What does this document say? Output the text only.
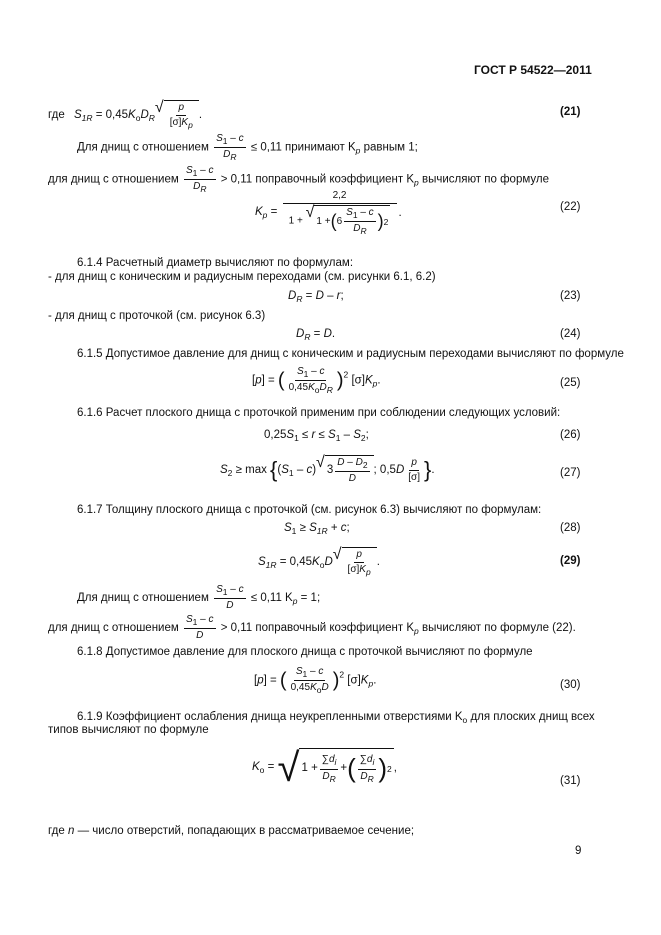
ГОСТ Р 54522—2011
где $S_{1R} = 0,45K_oD_R$
√ $\frac{p}{[\sigma]K_p}$ .	(21)
Для днищ с отношением $\frac{S_1 - c}{D_R} \le 0,11$ принимают $K_p$ равным 1;
для днищ с отношением $\frac{S_1 - c}{D_R} > 0,11$ поправочный коэффициент $K_p$ вычисляют по формуле
$K_p = 2,2$
1 + √
1 + ( $6 \frac{S_1 - c}{D_R}$ ) 2 .
(22)
6.1.4 Расчетный диаметр вычисляют по формулам:
- для днищ с коническим и радиусным переходами (см. рисунки 6.1, 6.2)
$D_R = D - r$;	(23)
- для днищ с проточкой (см. рисунок 6.3)
$D_R = D$.	(24)
6.1.5 Допустимое давление для днищ с коническим и радиусным переходами вычисляют по формуле
[p] = ( $\frac{S_1 - c}{0,45K_oD_R} )^2$ $[\sigma]K_p$.	(25)
6.1.6 Расчет плоского днища с проточкой применим при соблюдении следующих условий:
$0,25S_1 \le r \le S_1 - S_2$;	(26)
$S_2 \ge \max \{(S_1 - c)$ √ $3 \frac{D - D_2}{D}$ ; $0,5D \frac{p}{[\sigma]}$ }.	(27)
6.1.7 Толщину плоского днища с проточкой (см. рисунок 6.3) вычисляют по формулам:
$S_1 \ge S_{1R} + c$;	(28)
$S_{1R} = 0,45K_oD$ √ $\frac{p}{[\sigma]K_p}$ .	(29)
Для днищ с отношением $\frac{S_1 - c}{D} \le 0,11$ $K_p = 1$;
для днищ с отношением $\frac{S_1 - c}{D} > 0,11$ поправочный коэффициент $K_p$ вычисляют по формуле (22).
6.1.8 Допустимое давление для плоского днища с проточкой вычисляют по формуле
[p] = ( $\frac{S_1 - c}{0,45K_oD} )^2$ $[\sigma]K_p$.	(30)
6.1.9 Коэффициент ослабления днища неукрепленными отверстиями $K_o$ для плоских днищ всех
типов вычисляют по формуле
$K_o$ = √ $1 + \frac{\sum d_i}{D_R}$ + ( $\frac{\sum d_i}{D_R}$ ) 2 ,
(31)
где n — число отверстий, попадающих в рассматриваемое сечение;
9
